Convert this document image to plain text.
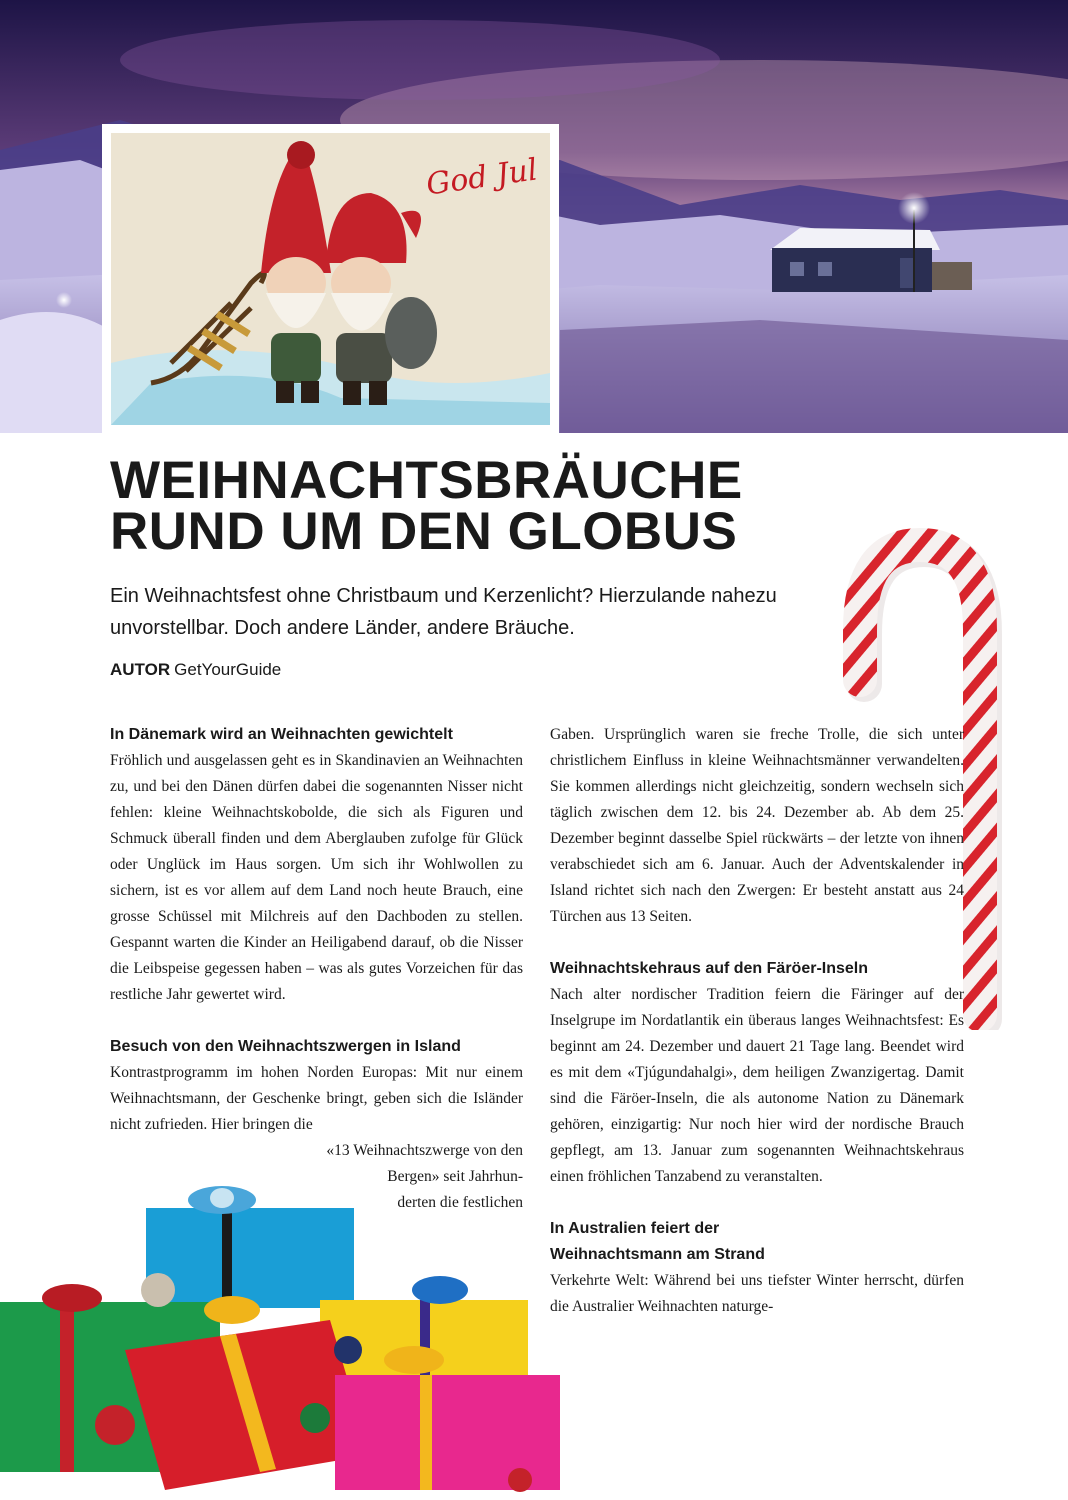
God Jul
WEIHNACHTSBRÄUCHE
RUND UM DEN GLOBUS

Ein Weihnachtsfest ohne Christbaum und Kerzenlicht? Hierzulande nahezu unvorstellbar. Doch andere Länder, andere Bräuche.

AUTOR GetYourGuide
In Dänemark wird an Weihnachten gewichtelt

Fröhlich und ausgelassen geht es in Skandinavien an Weihnachten zu, und bei den Dänen dürfen dabei die sogenannten Nisser nicht fehlen: kleine Weihnachtskobolde, die sich als Figuren und Schmuck überall finden und dem Aberglauben zufolge für Glück oder Unglück im Haus sorgen. Um sich ihr Wohlwollen zu sichern, ist es vor allem auf dem Land noch heute Brauch, eine grosse Schüssel mit Milchreis auf den Dachboden zu stellen. Gespannt warten die Kinder an Heiligabend darauf, ob die Nisser die Leibspeise gegessen haben – was als gutes Vorzeichen für das restliche Jahr gewertet wird.

Besuch von den Weihnachtszwergen in Island

Kontrastprogramm im hohen Norden Europas: Mit nur einem Weihnachtsmann, der Geschenke bringt, geben sich die Isländer nicht zufrieden. Hier bringen die
«13 Weihnachtszwerge von den
Bergen» seit Jahrhun-
derten die festlichen

Gaben. Ursprünglich waren sie freche Trolle, die sich unter christlichem Einfluss in kleine Weihnachtsmänner verwandelten. Sie kommen allerdings nicht gleichzeitig, sondern wechseln sich täglich zwischen dem 12. bis 24. Dezember ab. Ab dem 25. Dezember beginnt dasselbe Spiel rückwärts – der letzte von ihnen verabschiedet sich am 6. Januar. Auch der Adventskalender in Island richtet sich nach den Zwergen: Er besteht anstatt aus 24 Türchen aus 13 Seiten.

Weihnachtskehraus auf den Färöer-Inseln

Nach alter nordischer Tradition feiern die Färinger auf der Inselgrupe im Nordatlantik ein überaus langes Weihnachtsfest: Es beginnt am 24. Dezember und dauert 21 Tage lang. Beendet wird es mit dem «Tjúgundahalgi», dem heiligen Zwanzigertag. Damit sind die Färöer-Inseln, die als autonome Nation zu Dänemark gehören, einzigartig: Nur noch hier wird der nordische Brauch gepflegt, am 13. Januar zum sogenannten Weihnachtskehraus einen fröhlichen Tanzabend zu veranstalten.

In Australien feiert der
Weihnachtsmann am Strand

Verkehrte Welt: Während bei uns tiefster Winter herrscht, dürfen die Australier Weihnachten naturge-
